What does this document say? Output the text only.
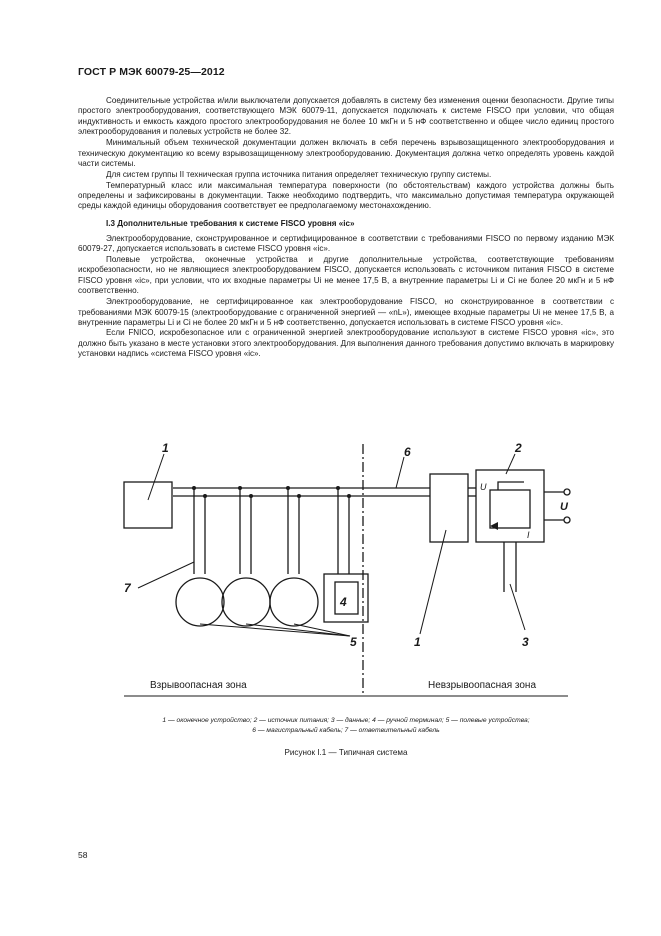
ГОСТ Р МЭК 60079-25—2012

Соединительные устройства и/или выключатели допускается добавлять в систему без изменения оценки безопасности. Другие типы простого электрооборудования, соответствующего МЭК 60079-11, допускается подключать к системе FISCO при условии, что общая индуктивность и емкость каждого простого электрооборудования не более 10 мкГн и 5 нФ соответственно и общее число единиц простого электрооборудования и полевых устройств не более 32.

Минимальный объем технической документации должен включать в себя перечень взрывозащищенного электрооборудования и техническую документацию ко всему взрывозащищенному электрооборудованию. Документация должна четко определять уровень каждой части системы.

Для систем группы II техническая группа источника питания определяет техническую группу системы.

Температурный класс или максимальная температура поверхности (по обстоятельствам) каждого устройства должны быть определены и зафиксированы в документации. Также необходимо подтвердить, что максимально допустимая температура окружающей среды каждой единицы оборудования соответствует ее предполагаемому местонахождению.

I.3 Дополнительные требования к системе FISCO уровня «ic»

Электрооборудование, сконструированное и сертифицированное в соответствии с требованиями FISCO по первому изданию МЭК 60079-27, допускается использовать в системе FISCO уровня «ic».

Полевые устройства, оконечные устройства и другие дополнительные устройства, соответствующие требованиям искробезопасности, но не являющиеся электрооборудованием FISCO, допускается использовать с источником питания FISCO в системе FISCO уровня «ic», при условии, что их входные параметры Ui не менее 17,5 В, а внутренние параметры Li и Ci не более 20 мкГн и 5 нФ соответственно.

Электрооборудование, не сертифицированное как электрооборудование FISCO, но сконструированное в соответствии с требованиями МЭК 60079-15 (электрооборудование с ограниченной энергией — «nL»), имеющее входные параметры Ui не менее 17,5 В, а внутренние параметры Li и Ci не более 20 мкГн и 5 нФ соответственно, допускается использовать в системе FISCO уровня «ic».

Если FNICO, искробезопасное или с ограниченной энергией электрооборудование используют в системе FISCO уровня «ic», это должно быть указано в месте установки этого электрооборудования. Для выполнения данного требования допустимо включать в маркировку установки надпись «система FISCO уровня «ic».

1	2
3
4
5
6
7
1
U
I
U
Взрывоопасная зона	Невзрывоопасная зона
1 — оконечное устройство; 2 — источник питания; 3 — данные; 4 — ручной терминал; 5 — полевые устройства;
6 — магистральный кабель; 7 — ответвительный кабель
Рисунок I.1 — Типичная система
58
